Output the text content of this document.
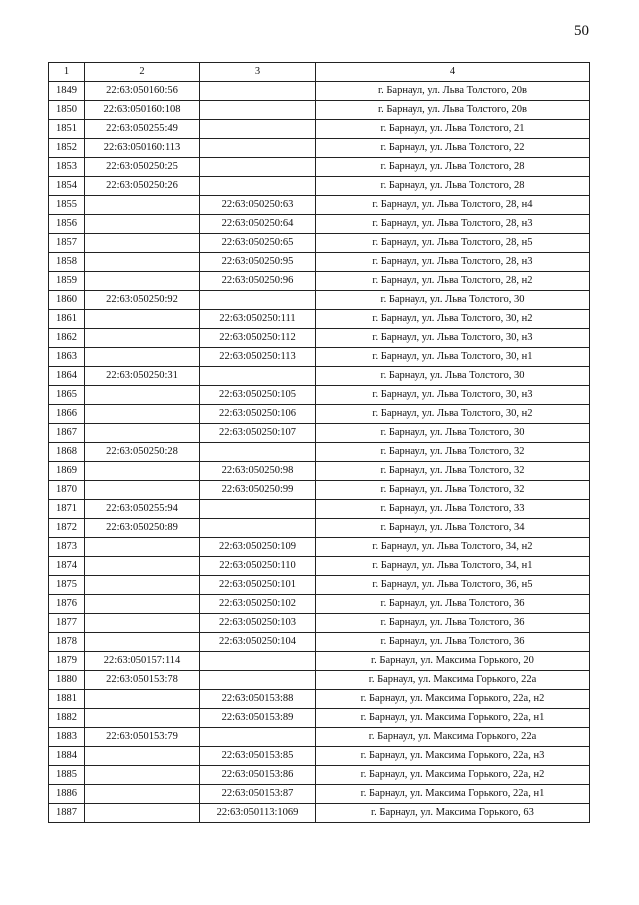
50
1	2	3	4
1849	22:63:050160:56		г. Барнаул, ул. Льва Толстого, 20в
1850	22:63:050160:108		г. Барнаул, ул. Льва Толстого, 20в
1851	22:63:050255:49		г. Барнаул, ул. Льва Толстого, 21
1852	22:63:050160:113		г. Барнаул, ул. Льва Толстого, 22
1853	22:63:050250:25		г. Барнаул, ул. Льва Толстого, 28
1854	22:63:050250:26		г. Барнаул, ул. Льва Толстого, 28
1855		22:63:050250:63	г. Барнаул, ул. Льва Толстого, 28, н4
1856		22:63:050250:64	г. Барнаул, ул. Льва Толстого, 28, н3
1857		22:63:050250:65	г. Барнаул, ул. Льва Толстого, 28, н5
1858		22:63:050250:95	г. Барнаул, ул. Льва Толстого, 28, н3
1859		22:63:050250:96	г. Барнаул, ул. Льва Толстого, 28, н2
1860	22:63:050250:92		г. Барнаул, ул. Льва Толстого, 30
1861		22:63:050250:111	г. Барнаул, ул. Льва Толстого, 30, н2
1862		22:63:050250:112	г. Барнаул, ул. Льва Толстого, 30, н3
1863		22:63:050250:113	г. Барнаул, ул. Льва Толстого, 30, н1
1864	22:63:050250:31		г. Барнаул, ул. Льва Толстого, 30
1865		22:63:050250:105	г. Барнаул, ул. Льва Толстого, 30, н3
1866		22:63:050250:106	г. Барнаул, ул. Льва Толстого, 30, н2
1867		22:63:050250:107	г. Барнаул, ул. Льва Толстого, 30
1868	22:63:050250:28		г. Барнаул, ул. Льва Толстого, 32
1869		22:63:050250:98	г. Барнаул, ул. Льва Толстого, 32
1870		22:63:050250:99	г. Барнаул, ул. Льва Толстого, 32
1871	22:63:050255:94		г. Барнаул, ул. Льва Толстого, 33
1872	22:63:050250:89		г. Барнаул, ул. Льва Толстого, 34
1873		22:63:050250:109	г. Барнаул, ул. Льва Толстого, 34, н2
1874		22:63:050250:110	г. Барнаул, ул. Льва Толстого, 34, н1
1875		22:63:050250:101	г. Барнаул, ул. Льва Толстого, 36, н5
1876		22:63:050250:102	г. Барнаул, ул. Льва Толстого, 36
1877		22:63:050250:103	г. Барнаул, ул. Льва Толстого, 36
1878		22:63:050250:104	г. Барнаул, ул. Льва Толстого, 36
1879	22:63:050157:114		г. Барнаул, ул. Максима Горького, 20
1880	22:63:050153:78		г. Барнаул, ул. Максима Горького, 22а
1881		22:63:050153:88	г. Барнаул, ул. Максима Горького, 22а, н2
1882		22:63:050153:89	г. Барнаул, ул. Максима Горького, 22а, н1
1883	22:63:050153:79		г. Барнаул, ул. Максима Горького, 22а
1884		22:63:050153:85	г. Барнаул, ул. Максима Горького, 22а, н3
1885		22:63:050153:86	г. Барнаул, ул. Максима Горького, 22а, н2
1886		22:63:050153:87	г. Барнаул, ул. Максима Горького, 22а, н1
1887		22:63:050113:1069	г. Барнаул, ул. Максима Горького, 63
